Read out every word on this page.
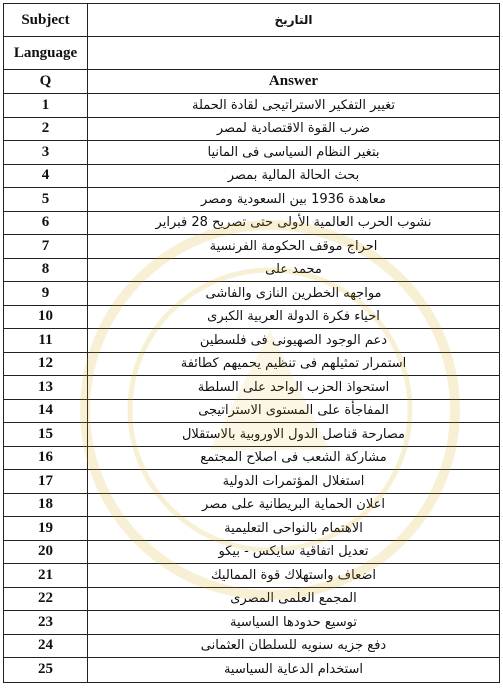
Subject	التاريخ
Language
Q	Answer
1	تغيير التفكير الاستراتيجى لقادة الحملة
2	ضرب القوة الاقتصادية لمصر
3	بتغير النظام السياسى فى المانيا
4	بحث الحالة المالية بمصر
5	معاهدة 1936 بين السعودية ومصر
6	نشوب الحرب العالمية الأولى حتى تصريح 28 فبراير
7	احراج موقف الحكومة الفرنسية
8	محمد على
9	مواجهه الخطرين النازى والفاشى
10	احياء فكرة الدولة العربية الكبرى
11	دعم الوجود الصهيونى فى فلسطين
12	استمرار تمثيلهم فى تنظيم يحميهم كطائفة
13	استحواذ الحزب الواحد على السلطة
14	المفاجأة على المستوى الاستراتيجى
15	مصارحة قناصل الدول الاوروبية بالاستقلال
16	مشاركة الشعب فى اصلاح المجتمع
17	استغلال المؤتمرات الدولية
18	اعلان الحماية البريطانية على مصر
19	الاهتمام بالنواحى التعليمية
20	تعديل اتفاقية سايكس - بيكو
21	اضعاف واستهلاك قوة المماليك
22	المجمع العلمى المصرى
23	توسيع حدودها السياسية
24	دفع جزيه سنويه للسلطان العثمانى
25	استخدام الدعاية السياسية
